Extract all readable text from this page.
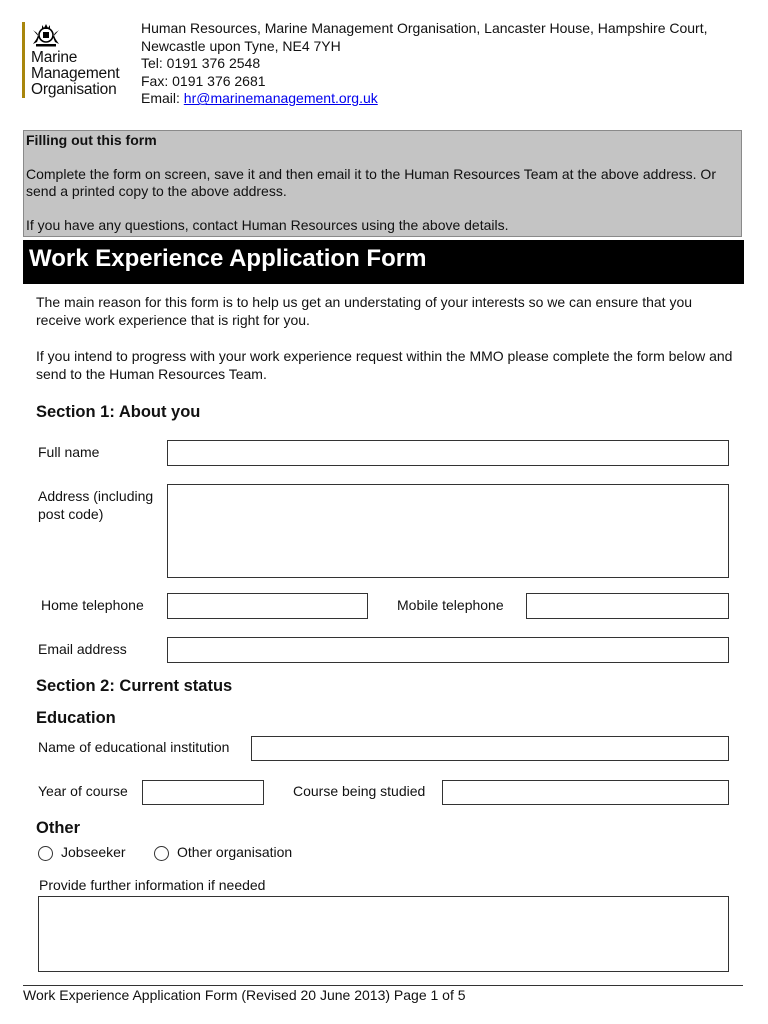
Marine
Management
Organisation
Human Resources, Marine Management Organisation, Lancaster House, Hampshire Court,
Newcastle upon Tyne, NE4 7YH
Tel: 0191 376 2548
Fax: 0191 376 2681
Email: hr@marinemanagement.org.uk

Filling out this form

Complete the form on screen, save it and then email it to the Human Resources Team at the above address. Or send a printed copy to the above address.

If you have any questions, contact Human Resources using the above details.

Work Experience Application Form
The main reason for this form is to help us get an understating of your interests so we can ensure that you receive work experience that is right for you.
If you intend to progress with your work experience request within the MMO please complete the form below and send to the Human Resources Team.
Section 1: About you
Full name
Address (including
post code)
Home telephone	Mobile telephone
Email address
Section 2: Current status
Education
Name of educational institution
Year of course	Course being studied
Other
Jobseeker	Other organisation
Provide further information if needed
Work Experience Application Form (Revised 20 June 2013) Page 1 of 5
